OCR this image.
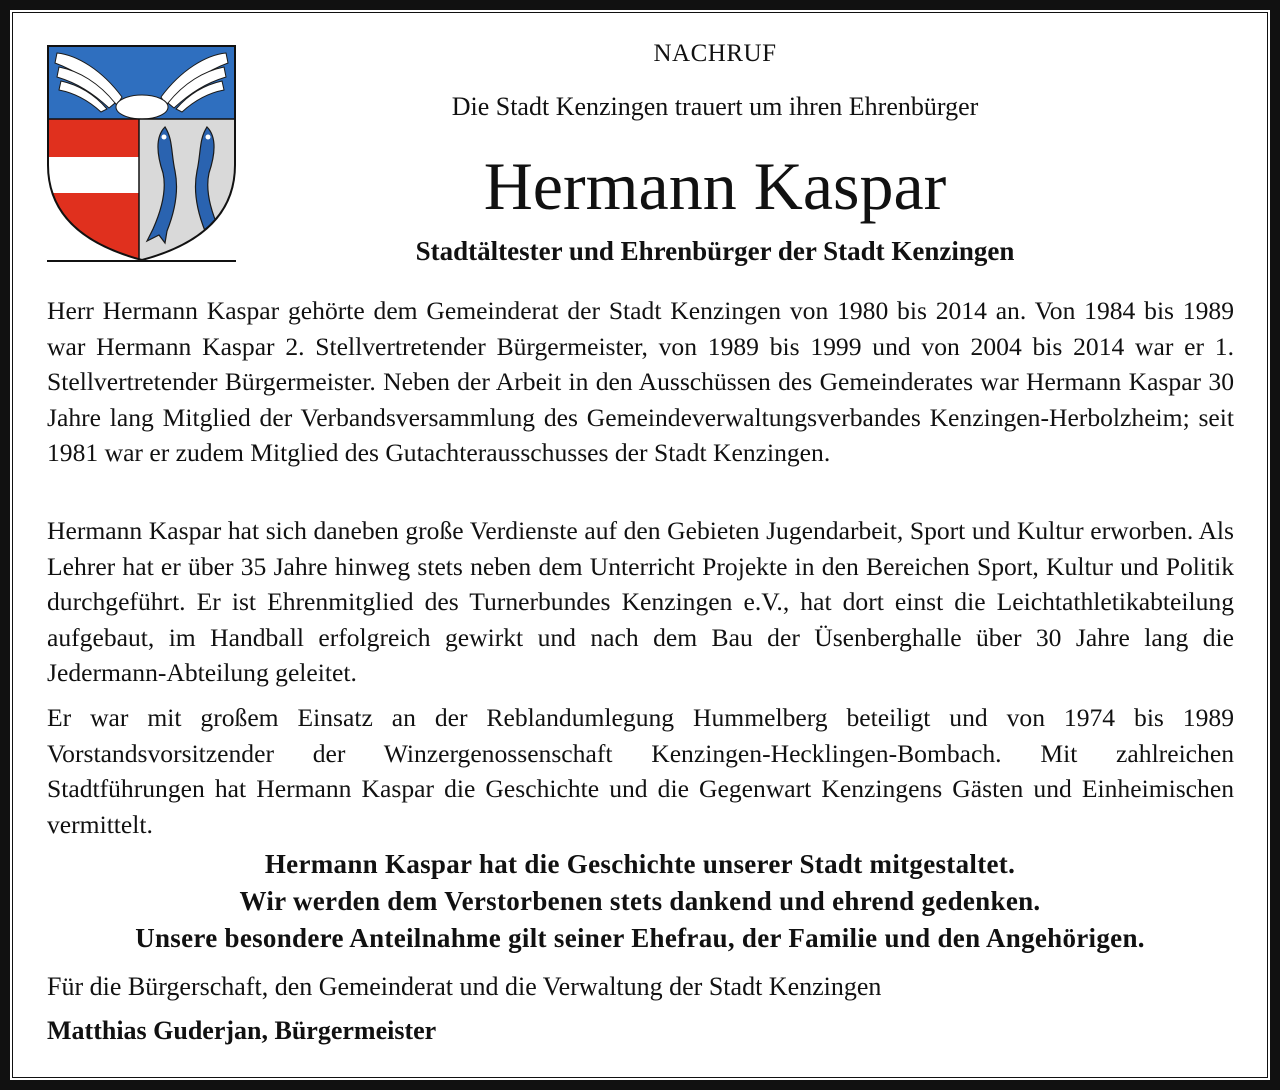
NACHRUF
Die Stadt Kenzingen trauert um ihren Ehrenbürger
Hermann Kaspar
Stadtältester und Ehrenbürger der Stadt Kenzingen

Herr Hermann Kaspar gehörte dem Gemeinderat der Stadt Kenzingen von 1980 bis 2014 an. Von 1984 bis 1989 war Hermann Kaspar 2. Stellvertretender Bürgermeister, von 1989 bis 1999 und von 2004 bis 2014 war er 1. Stellvertretender Bürgermeister. Neben der Arbeit in den Ausschüssen des Gemeinderates war Hermann Kaspar 30 Jahre lang Mitglied der Verbandsversammlung des Gemeindeverwaltungsverbandes Kenzingen-Herbolzheim; seit 1981 war er zudem Mitglied des Gutachterausschusses der Stadt Kenzingen.

Hermann Kaspar hat sich daneben große Verdienste auf den Gebieten Jugendarbeit, Sport und Kultur erworben. Als Lehrer hat er über 35 Jahre hinweg stets neben dem Unterricht Projekte in den Bereichen Sport, Kultur und Politik durchgeführt. Er ist Ehrenmitglied des Turnerbundes Kenzingen e.V., hat dort einst die Leichtathletikabteilung aufgebaut, im Handball erfolgreich gewirkt und nach dem Bau der Üsenberghalle über 30 Jahre lang die Jedermann-Abteilung geleitet.

Er war mit großem Einsatz an der Reblandumlegung Hummelberg beteiligt und von 1974 bis 1989 Vorstandsvorsitzender der Winzergenossenschaft Kenzingen-Hecklingen-Bombach. Mit zahlreichen Stadtführungen hat Hermann Kaspar die Geschichte und die Gegenwart Kenzingens Gästen und Einheimischen vermittelt.

Hermann Kaspar hat die Geschichte unserer Stadt mitgestaltet.
Wir werden dem Verstorbenen stets dankend und ehrend gedenken.
Unsere besondere Anteilnahme gilt seiner Ehefrau, der Familie und den Angehörigen.
Für die Bürgerschaft, den Gemeinderat und die Verwaltung der Stadt Kenzingen
Matthias Guderjan, Bürgermeister
